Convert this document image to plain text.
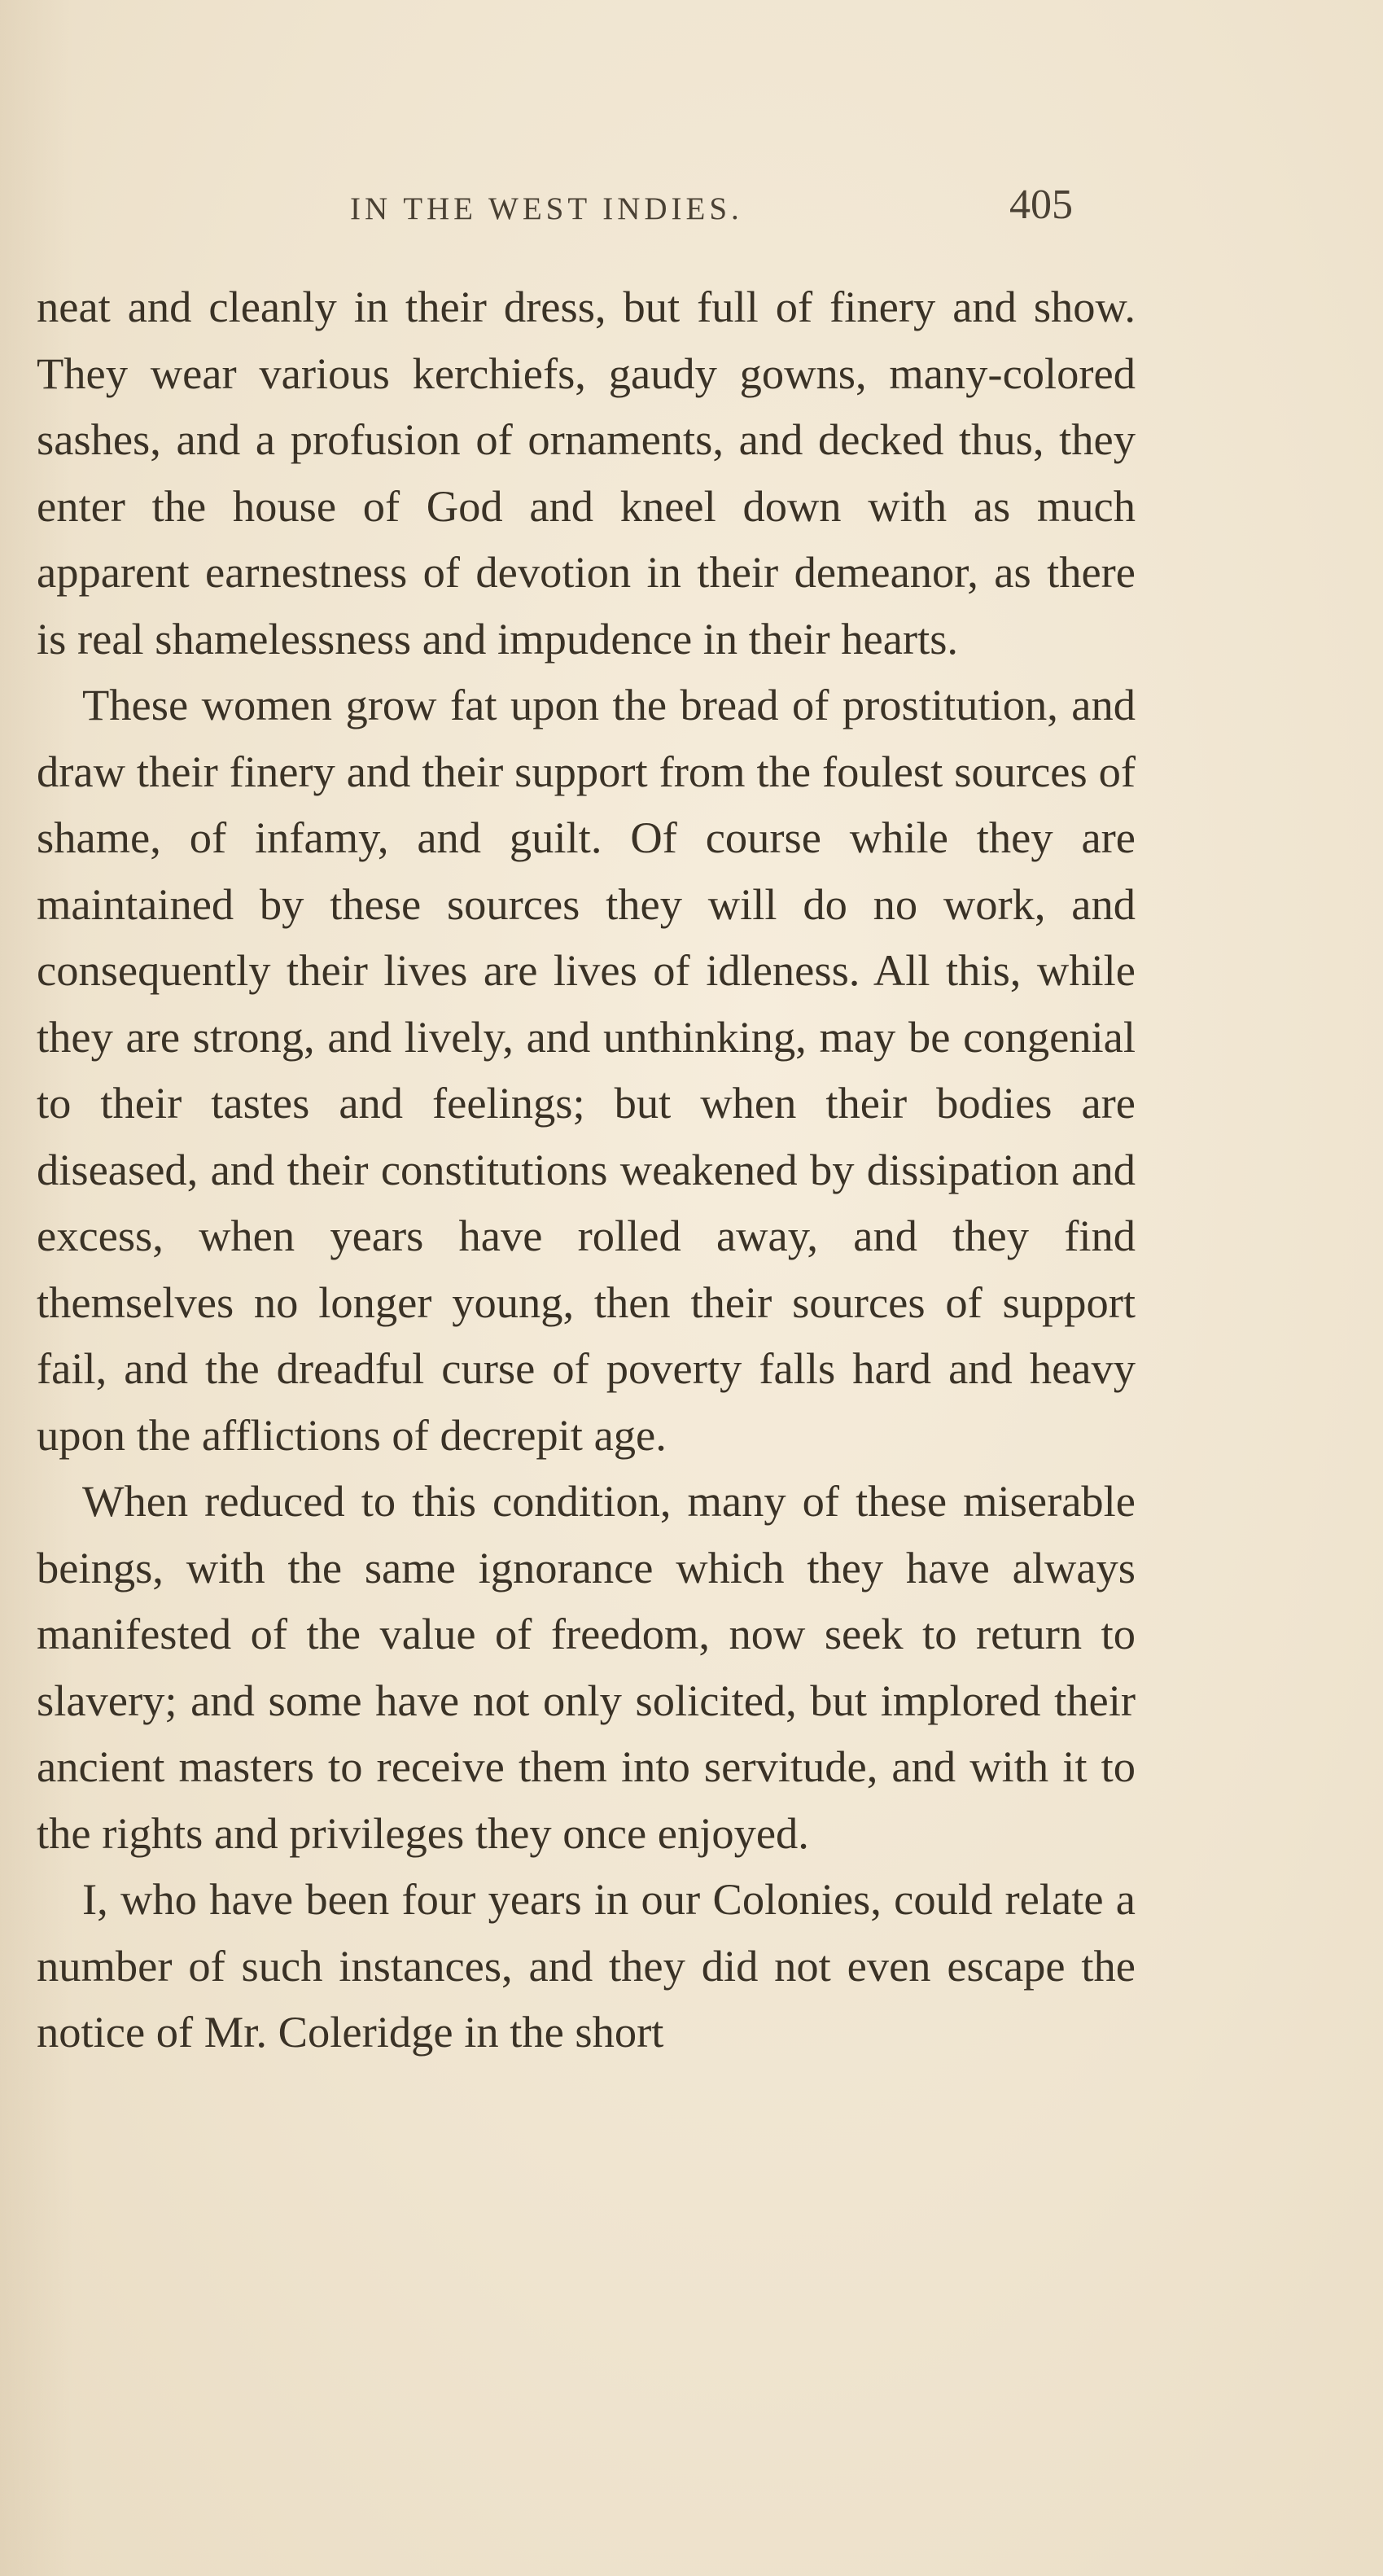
IN THE WEST INDIES.	405

neat and cleanly in their dress, but full of finery and show. They wear various kerchiefs, gaudy gowns, many-colored sashes, and a profusion of ornaments, and decked thus, they enter the house of God and kneel down with as much apparent earnestness of devotion in their demeanor, as there is real shamelessness and impudence in their hearts.

These women grow fat upon the bread of prostitution, and draw their finery and their support from the foulest sources of shame, of infamy, and guilt. Of course while they are maintained by these sources they will do no work, and consequently their lives are lives of idleness. All this, while they are strong, and lively, and unthinking, may be congenial to their tastes and feelings; but when their bodies are diseased, and their constitutions weakened by dissipation and excess, when years have rolled away, and they find themselves no longer young, then their sources of support fail, and the dreadful curse of poverty falls hard and heavy upon the afflictions of decrepit age.

When reduced to this condition, many of these miserable beings, with the same ignorance which they have always manifested of the value of freedom, now seek to return to slavery; and some have not only solicited, but implored their ancient masters to receive them into servitude, and with it to the rights and privileges they once enjoyed.

I, who have been four years in our Colonies, could relate a number of such instances, and they did not even escape the notice of Mr. Coleridge in the short
